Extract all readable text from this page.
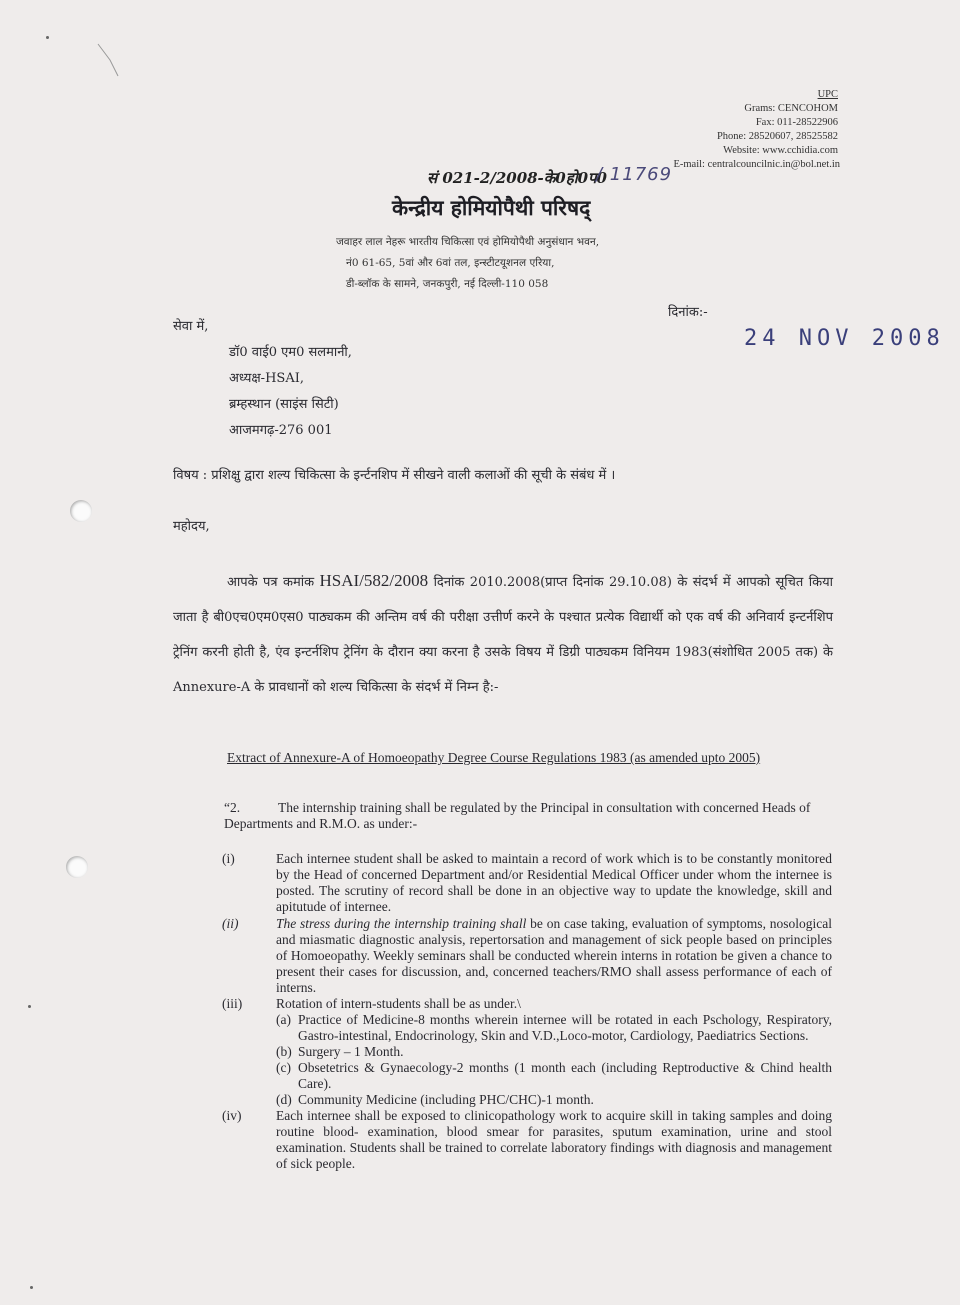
UPC
Grams: CENCOHOM
Fax: 011-28522906
Phone: 28520607, 28525582
Website: www.cchidia.com
E-mail: centralcouncilnic.in@bol.net.in
सं 021-2/2008-के0हो0प0
/ 11769
केन्द्रीय होमियोपैथी परिषद्
जवाहर लाल नेहरू भारतीय चिकित्सा एवं होमियोपैथी अनुसंधान भवन,
नं0 61-65, 5वां और 6वां तल, इन्स्टीटयूशनल एरिया,
डी-ब्लॉक के सामने, जनकपुरी, नई दिल्ली-110 058
दिनांक:-
24 NOV 2008
सेवा में,
डॉ0 वाई0 एम0 सलमानी,
अध्यक्ष-HSAI,
ब्रम्हस्थान (साइंस सिटी)
आजमगढ़-276 001
विषय : प्रशिक्षु द्वारा शल्य चिकित्सा के इर्न्टनशिप में सीखने वाली कलाओं की सूची के संबंध में ।
महोदय,
आपके पत्र कमांक HSAI/582/2008 दिनांक 2010.2008(प्राप्त दिनांक 29.10.08) के संदर्भ में आपको सूचित किया जाता है बी0एच0एम0एस0 पाठ्यकम की अन्तिम वर्ष की परीक्षा उत्तीर्ण करने के पश्चात प्रत्येक विद्यार्थी को एक वर्ष की अनिवार्य इन्टर्नशिप ट्रेनिंग करनी होती है, एंव इन्टर्नशिप ट्रेनिंग के दौरान क्या करना है उसके विषय में डिग्री पाठ्यकम विनियम 1983(संशोधित 2005 तक) के Annexure-A के प्रावधानों को शल्य चिकित्सा के संदर्भ में निम्न है:-
Extract of Annexure-A of Homoeopathy Degree Course Regulations 1983 (as amended upto 2005)
“2.	The internship training shall be regulated by the Principal in consultation with concerned Heads of Departments and R.M.O. as under:-
(i)	Each internee student shall be asked to maintain a record of work which is to be constantly monitored by the Head of concerned Department and/or Residential Medical Officer under whom the internee is posted. The scrutiny of record shall be done in an objective way to update the knowledge, skill and apitutude of internee.
(ii)	The stress during the internship training shall be on case taking, evaluation of symptoms, nosological and miasmatic diagnostic analysis, repertorsation and management of sick people based on principles of Homoeopathy. Weekly seminars shall be conducted wherein interns in rotation be given a chance to present their cases for discussion, and, concerned teachers/RMO shall assess performance of each of interns.
(iii)	Rotation of intern-students shall be as under.\
(a) Practice of Medicine-8 months wherein internee will be rotated in each Pschology, Respiratory, Gastro-intestinal, Endocrinology, Skin and V.D.,Loco-motor, Cardiology, Paediatrics Sections.
(b) Surgery – 1 Month.
(c) Obsetetrics & Gynaecology-2 months (1 month each (including Reptroductive & Chind health Care).
(d) Community Medicine (including PHC/CHC)-1 month.
(iv)	Each internee shall be exposed to clinicopathology work to acquire skill in taking samples and doing routine blood- examination, blood smear for parasites, sputum examination, urine and stool examination. Students shall be trained to correlate laboratory findings with diagnosis and management of sick people.
